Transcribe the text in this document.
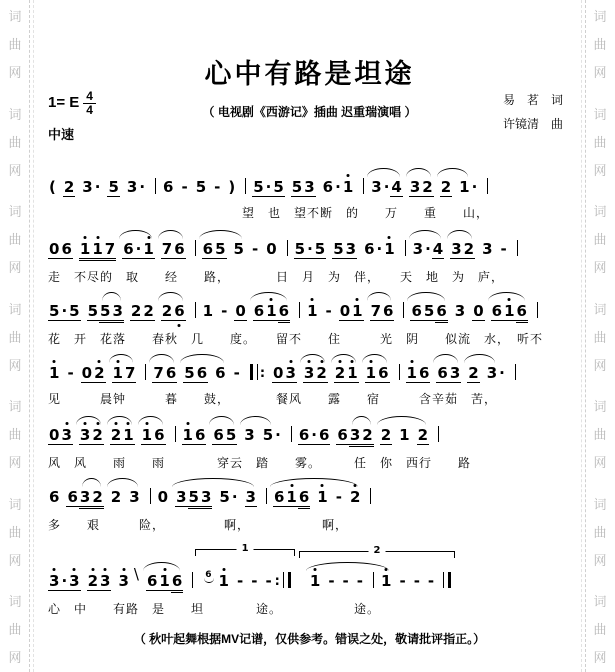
词
曲
网
词
曲
网
词
曲
网
词
曲
网
词
曲
网
词
曲
网
词
曲
网
词
曲
网
词
曲
网
词
曲
网
词
曲
网
词
曲
网
词
曲
网
词
曲
网
心中有路是坦途
（ 电视剧《西游记》插曲 迟重瑞演唱 ）
1= E $\frac{4}{4}$
中速
易　茗　词
许镜清　曲
( 2 3 · 5 3 · 6 - 5 - ) 5 · 5 5 3 6 · 1 3 · 4 3 2 2 1 ·
望　也　望不断　的　　万　　重　　山，
0 6 1 1 7 6 · 1 7 6 6 5 5 - 0 5 · 5 5 3 6 · 1 3 · 4 3 2 3 -
走　不尽的　取　　经　　路，　　　　日　月　为　伴，　　天　地　为　庐，
5 · 5 5 5 3 2 2 2 6 1 - 0 6 1 6 1 - 0 1 7 6 6 5 6 3 0 6 1 6
花　开　花落　　春秋　几　　度。　　留不　　住　　　光　阴　　似流　水，　听不
1 - 0 2 1 7 7 6 5 6 6 - : 0 3 3 2 2 1 1 6 1 6 6 3 2 3 ·
见　　　晨钟　　　暮　　鼓，　　　　餐风　　露　　宿　　　含辛茹　苦，
0 3 3 2 2 1 1 6 1 6 6 5 3 5 · 6 · 6 6 3 2 2 1 2
风　风　　雨　　雨　　　　穿云　踏　　雾。　　　任　你　西行　　路
6 6 3 2 2 3 0 3 5 3 5 · 3 6 1 6 1 - 2
多　　艰　　　险，　　　　　啊，　　　　　　啊，
3 · 3 2 3 3 \ 6 1 6
1
6 1 - - - :
2
1 - - - 1 - - -
心　中　　有路　是　　坦　　　　途。　　　　　　途。
（ 秋叶起舞根据MV记谱，仅供参考。错误之处，敬请批评指正。）
